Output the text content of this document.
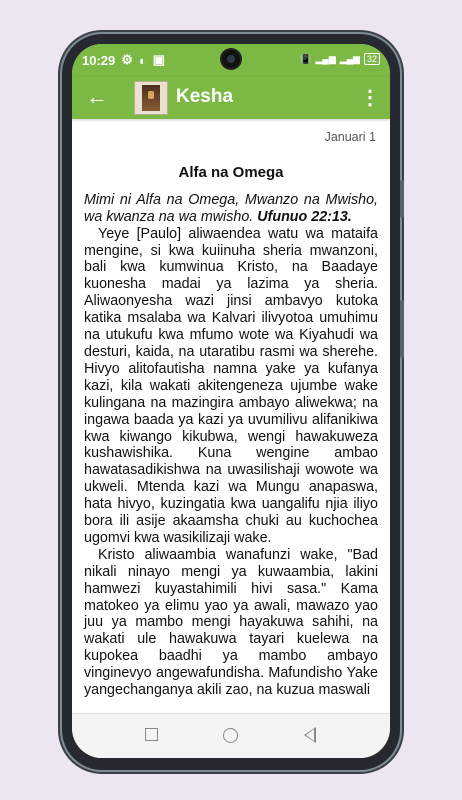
10:29 ⚙ ◐ ▣	📳 ▂▄▆ ▂▄▆ 32
←	Kesha	⋮
Januari 1
Alfa na Omega

Mimi ni Alfa na Omega, Mwanzo na Mwisho, wa kwanza na wa mwisho. Ufunuo 22:13.

Yeye [Paulo] aliwaendea watu wa mataifa mengine, si kwa kuiinuha sheria mwanzoni, bali kwa kumwinua Kristo, na Baadaye kuonesha madai ya lazima ya sheria. Aliwaonyesha wazi jinsi ambavyo kutoka katika msalaba wa Kalvari ilivyotoa umuhimu na utukufu kwa mfumo wote wa Kiyahudi wa desturi, kaida, na utaratibu rasmi wa sherehe. Hivyo alitofautisha namna yake ya kufanya kazi, kila wakati akitengeneza ujumbe wake kulingana na mazingira ambayo aliwekwa; na ingawa baada ya kazi ya uvumilivu alifanikiwa kwa kiwango kikubwa, wengi hawakuweza kushawishika. Kuna wengine ambao hawatasadikishwa na uwasilishaji wowote wa ukweli. Mtenda kazi wa Mungu anapaswa, hata hivyo, kuzingatia kwa uangalifu njia iliyo bora ili asije akaamsha chuki au kuchochea ugomvi kwa wasikilizaji wake.

Kristo aliwaambia wanafunzi wake, "Bad nikali ninayo mengi ya kuwaambia, lakini hamwezi kuyastahimili hivi sasa." Kama matokeo ya elimu yao ya awali, mawazo yao juu ya mambo mengi hayakuwa sahihi, na wakati ule hawakuwa tayari kuelewa na kupokea baadhi ya mambo ambayo vinginevyo angewafundisha. Mafundisho Yake yangechanganya akili zao, na kuzua maswali
